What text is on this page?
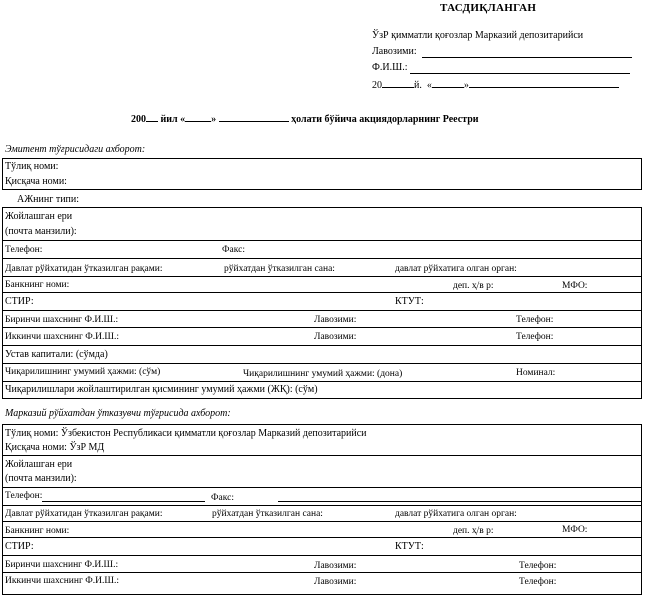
ТАСДИҚЛАНГАН
ЎзР қимматли қоғозлар Марказий депозитарийси
Лавозими:
Ф.И.Ш.:
20	й. «	»
200 йил «	»	ҳолати бўйича акциядорларнинг Реестри
Эмитент тўғрисидаги ахборот:
Тўлиқ номи:
Қисқача номи:
АЖнинг типи:
Жойлашган ери
(почта манзили):
Телефон:	Факс:
Давлат рўйхатидан ўтказилган рақами:	рўйхатдан ўтказилган сана:	давлат рўйхатига олган орган:
Банкнинг номи:	деп. ҳ/в р:	МФО:
СТИР:	КТУТ:
Биринчи шахснинг Ф.И.Ш.:	Лавозими:	Телефон:
Иккинчи шахснинг Ф.И.Ш.:	Лавозими:	Телефон:
Устав капитали: (сўмда)
Чиқарилишнинг умумий ҳажми: (сўм)	Чиқарилишнинг умумий ҳажми: (дона)	Номинал:
Чиқарилишлари жойлаштирилган қисмининг умумий ҳажми (ЖҚ): (сўм)
Марказий рўйхатдан ўтказувчи тўғрисида ахборот:
Тўлиқ номи: Ўзбекистон Республикаси қимматли қоғозлар Марказий депозитарийси
Қисқача номи: ЎзР МД
Жойлашган ери
(почта манзили):
Телефон:	Факс:
Давлат рўйхатидан ўтказилган рақами:	рўйхатдан ўтказилган сана:	давлат рўйхатига олган орган:
Банкнинг номи:	деп. ҳ/в р:	МФО:
СТИР:	КТУТ:
Биринчи шахснинг Ф.И.Ш.:	Лавозими:	Телефон:
Иккинчи шахснинг Ф.И.Ш.:	Лавозими:	Телефон:
